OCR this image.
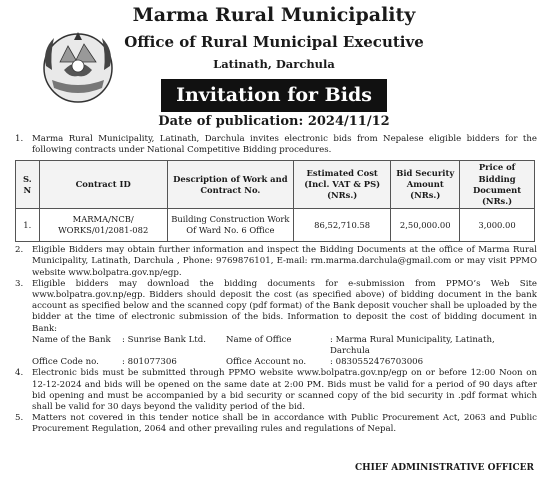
Marma Rural Municipality
Office of Rural Municipal Executive
Latinath, Darchula
Invitation for Bids
Date of publication: 2024/11/12
1. Marma Rural Municipality, Latinath, Darchula invites electronic bids from Nepalese eligible bidders for the following contracts under National Competitive Bidding procedures.
S. N	Contract ID	Description of Work and Contract No.	Estimated Cost (Incl. VAT & PS) (NRs.)	Bid Security Amount (NRs.)	Price of Bidding Document (NRs.)
1.	MARMA/NCB/ WORKS/01/2081-082	Building Construction Work Of Ward No. 6 Office	86,52,710.58	2,50,000.00	3,000.00
2. Eligible Bidders may obtain further information and inspect the Bidding Documents at the office of Marma Rural Municipality, Latinath, Darchula , Phone: 9769876101, E-mail: rm.marma.darchula@gmail.com or may visit PPMO website www.bolpatra.gov.np/egp.
3. Eligible bidders may download the bidding documents for e-submission from PPMO’s Web Site www.bolpatra.gov.np/egp. Bidders should deposit the cost (as specified above) of bidding document in the bank account as specified below and the scanned copy (pdf format) of the Bank deposit voucher shall be uploaded by the bidder at the time of electronic submission of the bids. Information to deposit the cost of bidding document in Bank:
Name of the Bank	: Sunrise Bank Ltd.	Name of Office	: Marma Rural Municipality, Latinath, Darchula
Office Code no.	: 801077306	Office Account no.	: 0830552476703006
4. Electronic bids must be submitted through PPMO website www.bolpatra.gov.np/egp on or before 12:00 Noon on 12-12-2024 and bids will be opened on the same date at 2:00 PM. Bids must be valid for a period of 90 days after bid opening and must be accompanied by a bid security or scanned copy of the bid security in .pdf format which shall be valid for 30 days beyond the validity period of the bid.
5. Matters not covered in this tender notice shall be in accordance with Public Procurement Act, 2063 and Public Procurement Regulation, 2064 and other prevailing rules and regulations of Nepal.
CHIEF ADMINISTRATIVE OFFICER
